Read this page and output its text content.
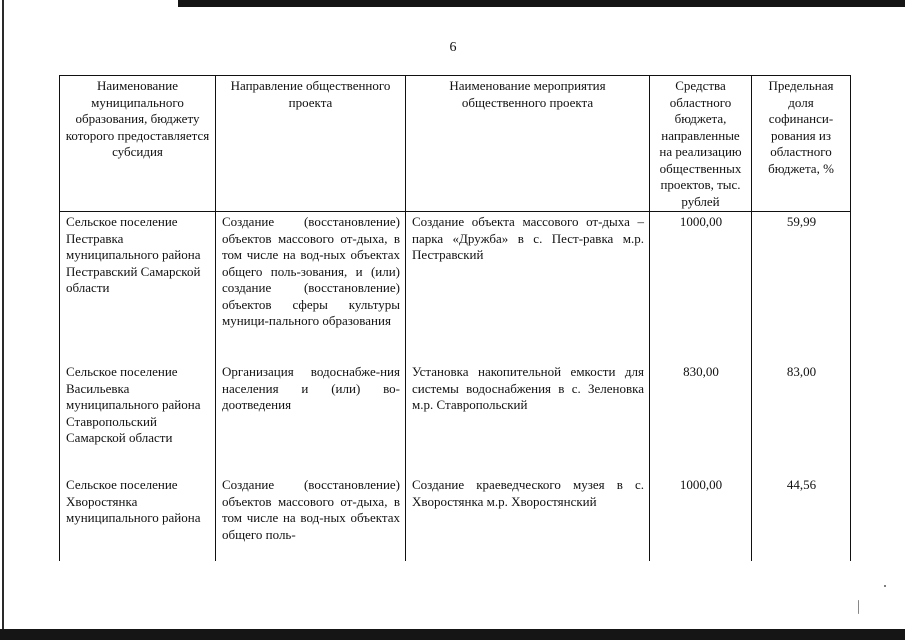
6
Наименование муниципального образования, бюджету которого предоставляется субсидия	Направление общественного проекта	Наименование мероприятия общественного проекта	Средства областного бюджета, направленные на реализацию общественных проектов, тыс. рублей	Предельная доля софинанси-рования из областного бюджета, %
Сельское поселение Пестравка муниципального района Пестравский Самарской области	Создание (восстановление) объектов массового от-дыха, в том числе на вод-ных объектах общего поль-зования, и (или) создание (восстановление) объектов сферы культуры муници-пального образования	Создание объекта массового от-дыха – парка «Дружба» в с. Пест-равка м.р. Пестравский	1000,00	59,99
Сельское поселение Васильевка муниципального района Ставропольский Самарской области	Организация водоснабже-ния населения и (или) во-доотведения	Установка накопительной емкости для системы водоснабжения в с. Зеленовка м.р. Ставропольский	830,00	83,00
Сельское поселение Хворостянка муниципального района	Создание (восстановление) объектов массового от-дыха, в том числе на вод-ных объектах общего поль-	Создание краеведческого музея в с. Хворостянка м.р. Хворостянский	1000,00	44,56
